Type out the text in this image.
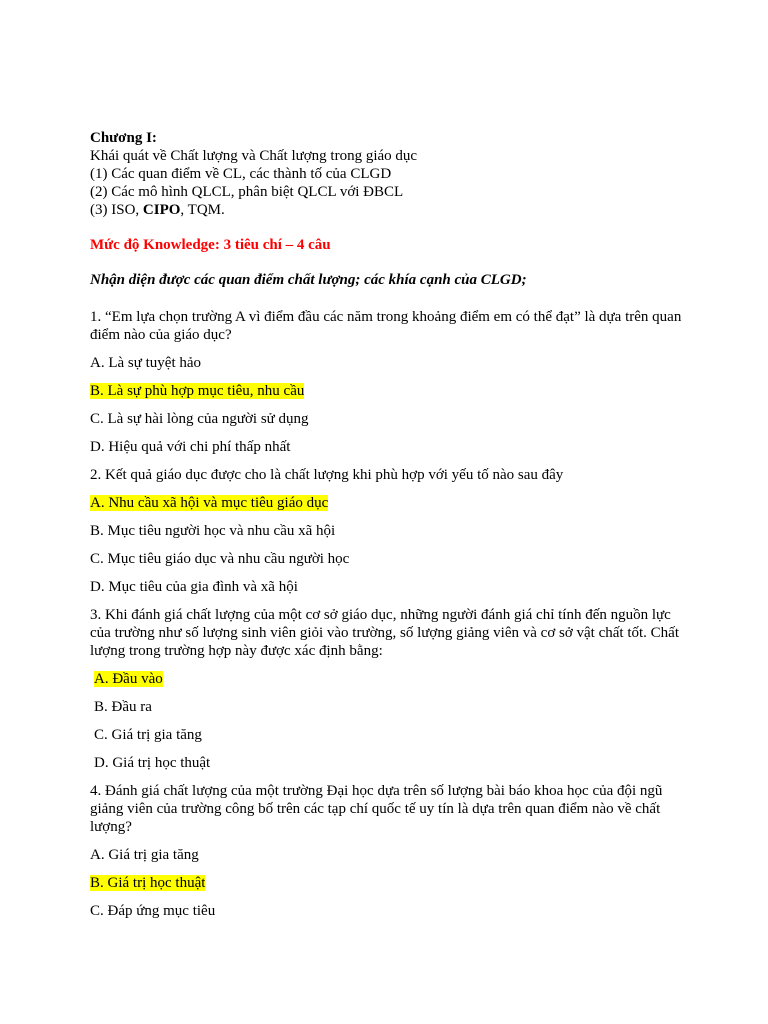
Chương I:
Khái quát về Chất lượng và Chất lượng trong giáo dục
(1) Các quan điểm về CL, các thành tố của CLGD
(2) Các mô hình QLCL, phân biệt QLCL với ĐBCL
(3) ISO, CIPO, TQM.
Mức độ Knowledge: 3 tiêu chí – 4 câu
Nhận diện được các quan điểm chất lượng; các khía cạnh của CLGD;
1. “Em lựa chọn trường A vì điểm đầu các năm trong khoảng điểm em có thể đạt” là dựa trên quan điểm nào của giáo dục?
A. Là sự tuyệt hảo
B. Là sự phù hợp mục tiêu, nhu cầu
C. Là sự hài lòng của người sử dụng
D. Hiệu quả với chi phí thấp nhất
2. Kết quả giáo dục được cho là chất lượng khi phù hợp với yếu tố nào sau đây
A. Nhu cầu xã hội và mục tiêu giáo dục
B. Mục tiêu người học và nhu cầu xã hội
C. Mục tiêu giáo dục và nhu cầu người học
D. Mục tiêu của gia đình và xã hội
3. Khi đánh giá chất lượng của một cơ sở giáo dục, những người đánh giá chỉ tính đến nguồn lực của trường như số lượng sinh viên giỏi vào trường, số lượng giảng viên và cơ sở vật chất tốt. Chất lượng trong trường hợp này được xác định bằng:
A. Đầu vào
B. Đầu ra
C. Giá trị gia tăng
D. Giá trị học thuật
4. Đánh giá chất lượng của một trường Đại học dựa trên số lượng bài báo khoa học của đội ngũ giảng viên của trường công bố trên các tạp chí quốc tế uy tín là dựa trên quan điểm nào về chất lượng?
A. Giá trị gia tăng
B. Giá trị học thuật
C. Đáp ứng mục tiêu
